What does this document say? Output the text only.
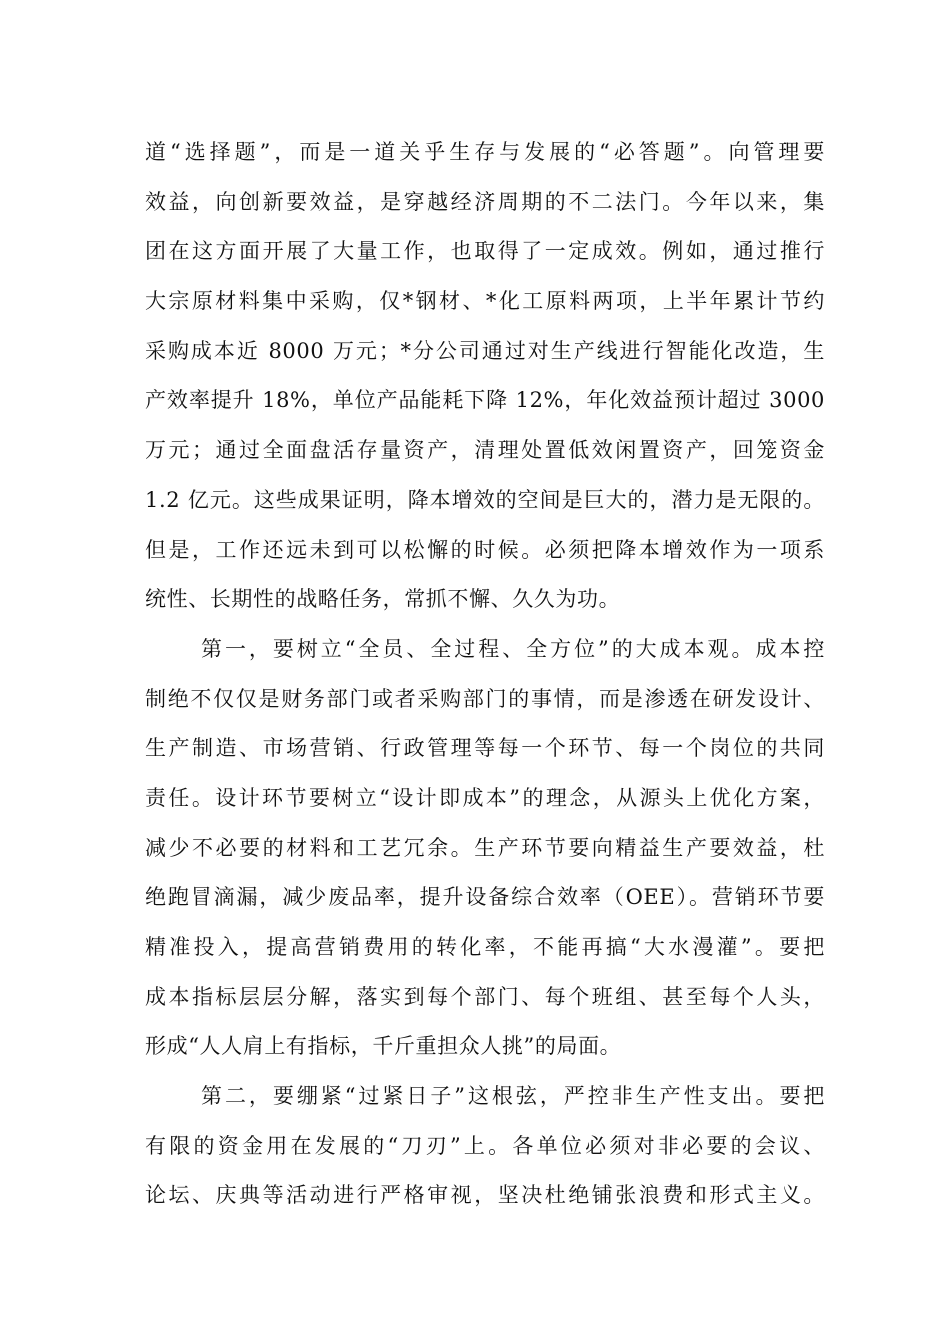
道“选择题”，而是一道关乎生存与发展的“必答题”。向管理要
效益，向创新要效益，是穿越经济周期的不二法门。今年以来，集
团在这方面开展了大量工作，也取得了一定成效。例如，通过推行
大宗原材料集中采购，仅*钢材、*化工原料两项，上半年累计节约
采购成本近 8000 万元；*分公司通过对生产线进行智能化改造，生
产效率提升 18%，单位产品能耗下降 12%，年化效益预计超过 3000
万元；通过全面盘活存量资产，清理处置低效闲置资产，回笼资金
1.2 亿元。这些成果证明，降本增效的空间是巨大的，潜力是无限的。
但是，工作还远未到可以松懈的时候。必须把降本增效作为一项系
统性、长期性的战略任务，常抓不懈、久久为功。
第一，要树立“全员、全过程、全方位”的大成本观。成本控
制绝不仅仅是财务部门或者采购部门的事情，而是渗透在研发设计、
生产制造、市场营销、行政管理等每一个环节、每一个岗位的共同
责任。设计环节要树立“设计即成本”的理念，从源头上优化方案，
减少不必要的材料和工艺冗余。生产环节要向精益生产要效益，杜
绝跑冒滴漏，减少废品率，提升设备综合效率（OEE）。营销环节要
精准投入，提高营销费用的转化率，不能再搞“大水漫灌”。要把
成本指标层层分解，落实到每个部门、每个班组、甚至每个人头，
形成“人人肩上有指标，千斤重担众人挑”的局面。
第二，要绷紧“过紧日子”这根弦，严控非生产性支出。要把
有限的资金用在发展的“刀刃”上。各单位必须对非必要的会议、
论坛、庆典等活动进行严格审视，坚决杜绝铺张浪费和形式主义。
